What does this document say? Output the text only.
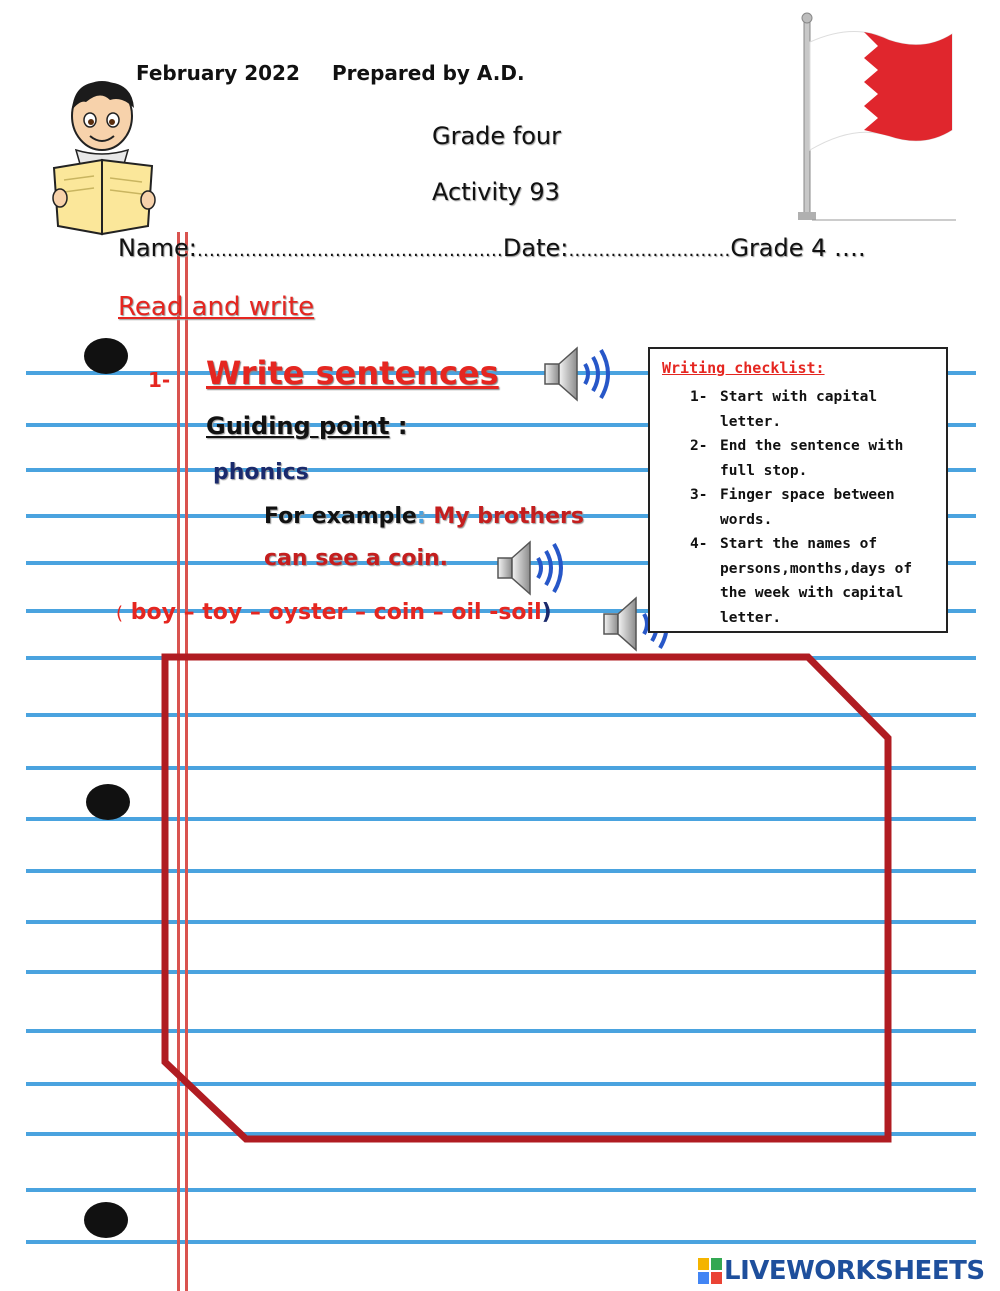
February 2022 Prepared by A.D.
Grade four
Activity 93
Name:……………………………………………Date:………………………Grade 4 ….
Read and write
1- Write sentences
Guiding point :
phonics
For example: My brothers
can see a coin.
( boy – toy – oyster – coin – oil -soil)
Writing checklist:
1- Start with capital letter.
2- End the sentence with full stop.
3- Finger space between words.
4- Start the names of persons,months,days of the week with capital letter.
LIVEWORKSHEETS
